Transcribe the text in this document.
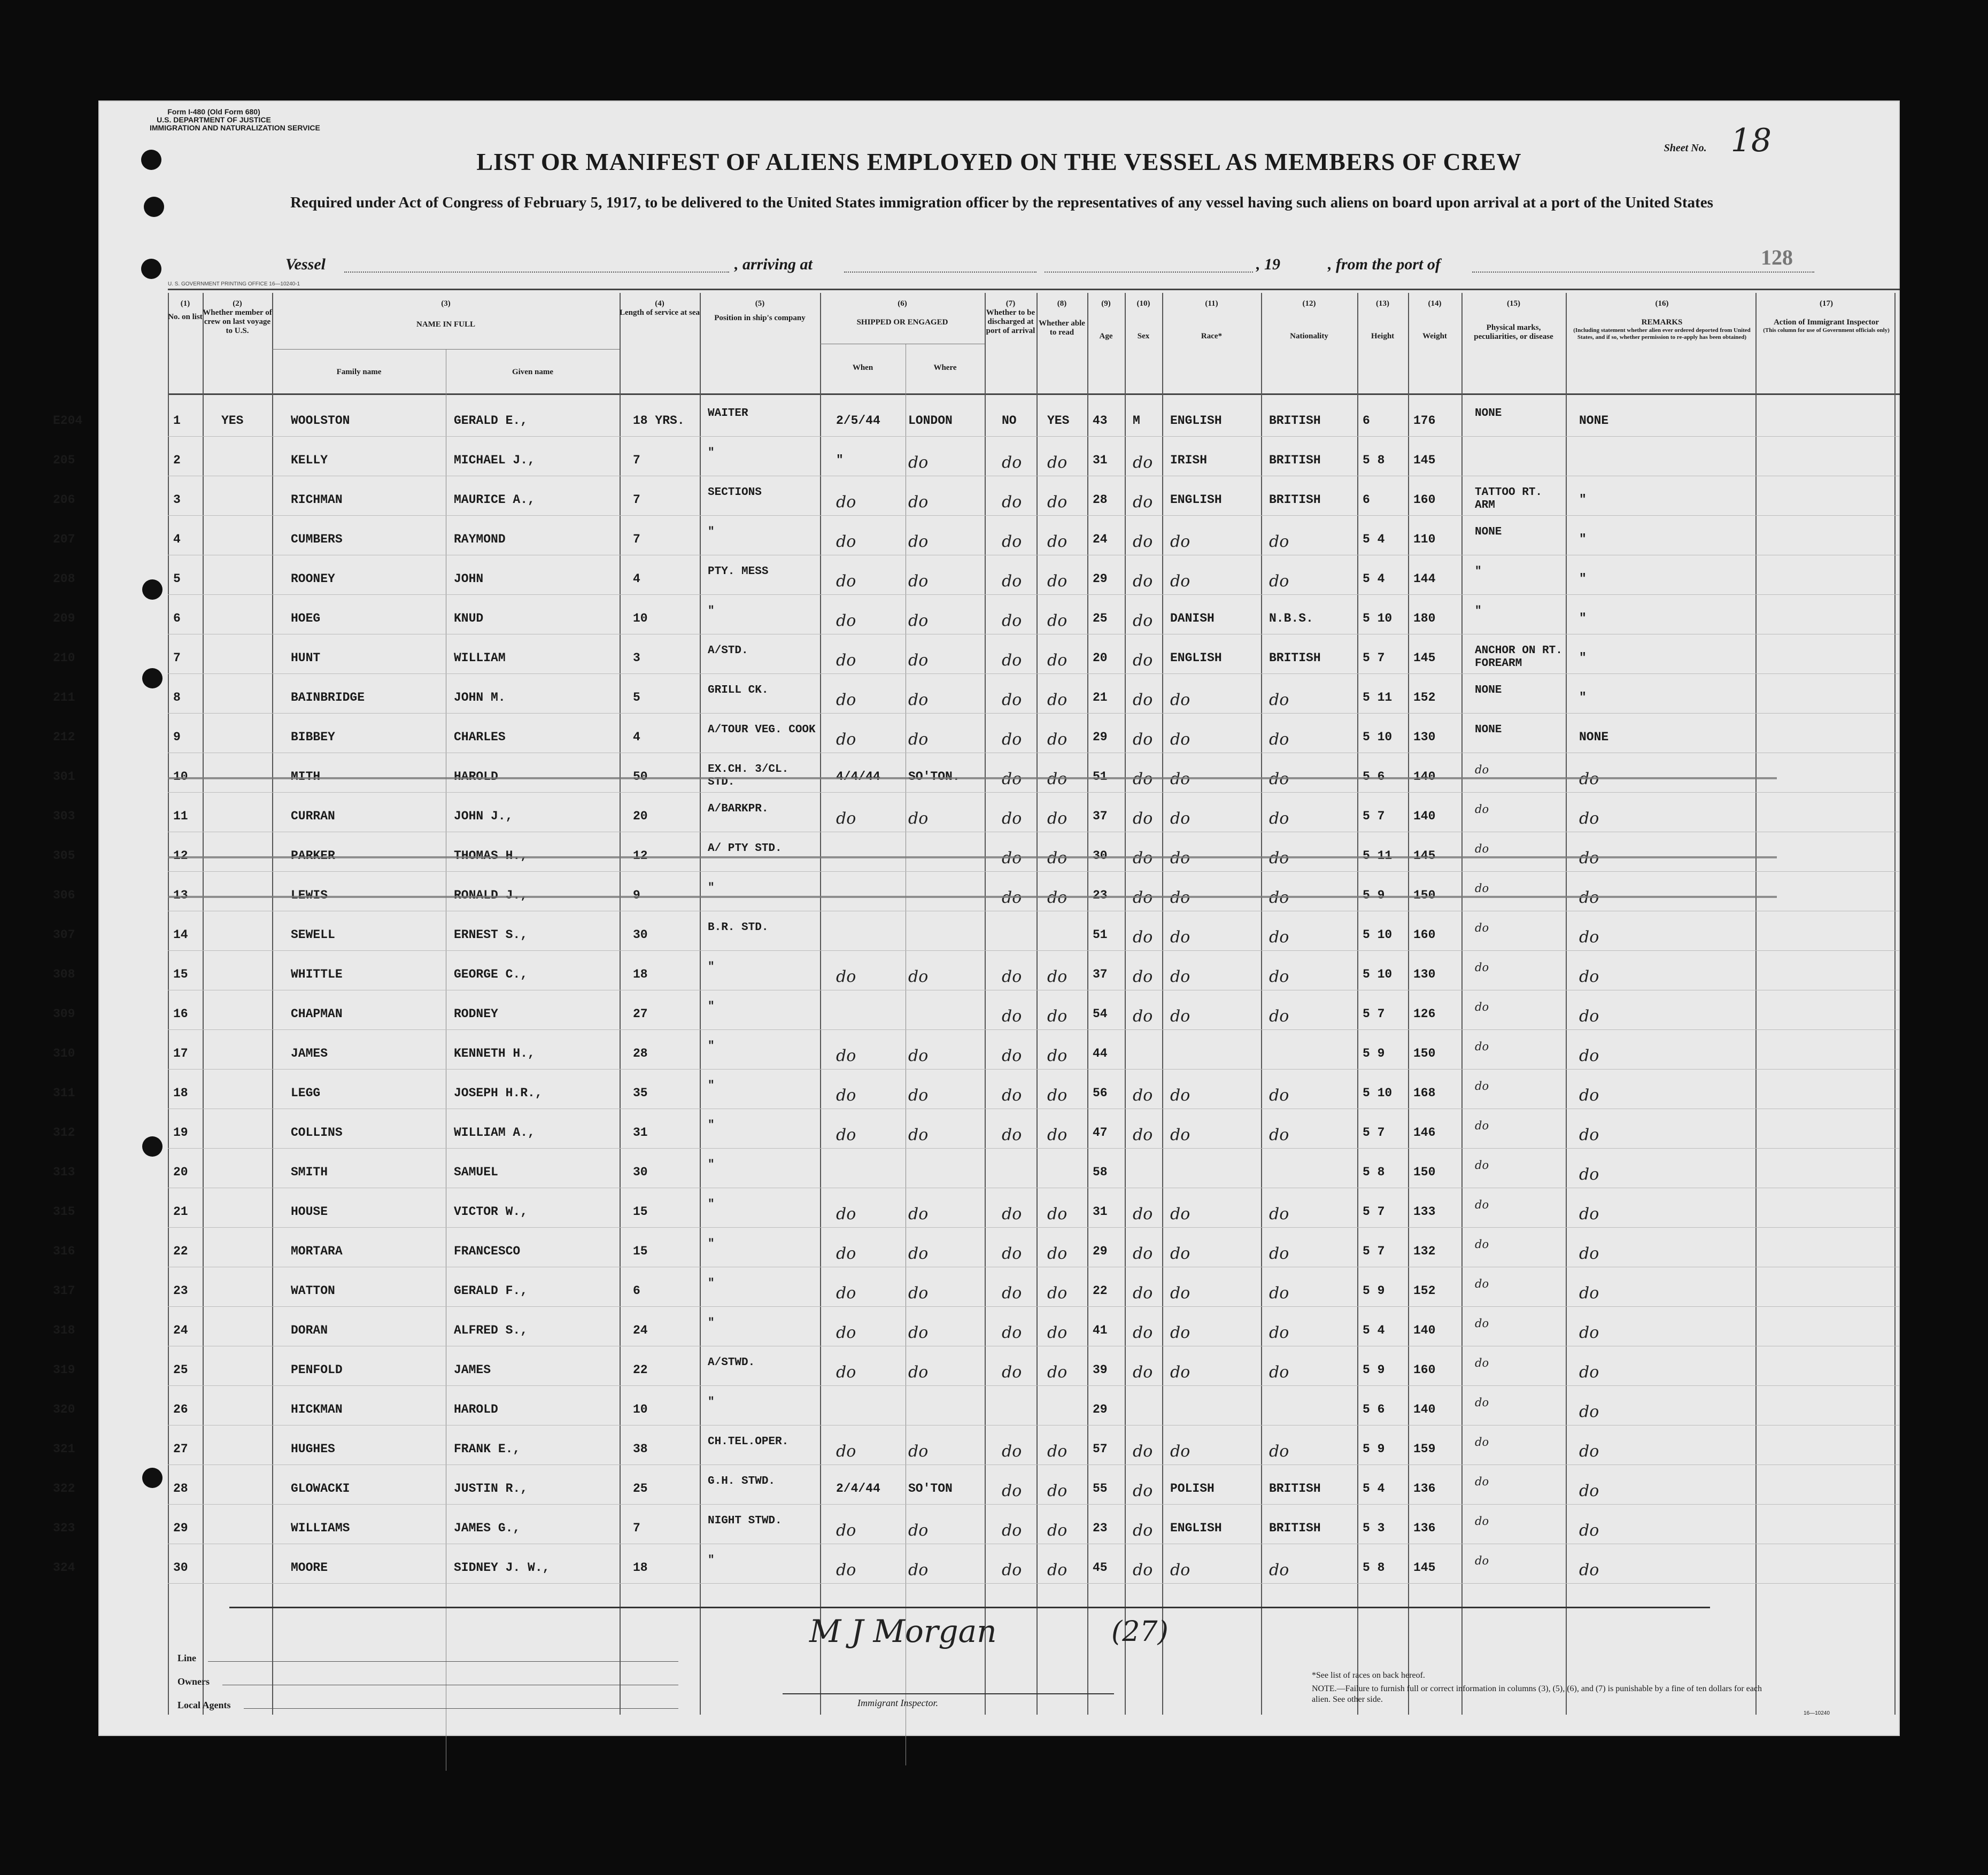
Form I-480 (Old Form 680)
U.S. DEPARTMENT OF JUSTICE
IMMIGRATION AND NATURALIZATION SERVICE
Sheet No. 18
LIST OR MANIFEST OF ALIENS EMPLOYED ON THE VESSEL AS MEMBERS OF CREW
Required under Act of Congress of February 5, 1917, to be delivered to the United States immigration officer by the representatives of any vessel having such aliens on board upon arrival at a port of the United States
Vessel	, arriving at	, 19	, from the port of	128
U. S. GOVERNMENT PRINTING OFFICE 16—10240-1
(1)
No. on list
(2)
Whether member of crew on last voyage to U.S.
(3)
NAME IN FULL
Family name	Given name
(4)
Length of service at sea
(5)
Position in ship's company
(6)
SHIPPED OR ENGAGED
When	Where
(7)
Whether to be discharged at port of arrival
(8)
Whether able to read
(9)
Age
(10)
Sex
(11)
Race*
(12)
Nationality
(13)
Height
(14)
Weight
(15)
Physical marks, peculiarities, or disease
(16)
REMARKS
(Including statement whether alien ever ordered deported from United States, and if so, whether permission to re-apply has been obtained)
(17)
Action of Immigrant Inspector
(This column for use of Government officials only)
E204	1	YES	WOOLSTON	GERALD E.,	18 YRS.
WAITER
2/5/44 LONDON	NO YES 43 M ENGLISH	BRITISH	6	176
NONE
NONE
205	2	KELLY	MICHAEL J.,	7
"
"	do	do do 31 do IRISH	BRITISH	5 8 145
206	3	RICHMAN	MAURICE A.,	7
SECTIONS
do	do	do do 28 do ENGLISH	BRITISH	6	160
TATTOO RT. ARM	"
207	4	CUMBERS	RAYMOND	7
"
do	do	do do 24 do do	do	5 4 110
NONE
"
208	5	ROONEY	JOHN	4
PTY. MESS
do	do	do do 29 do do	do	5 4 144
"
"
209	6	HOEG	KNUD	10
"
do	do	do do 25 do DANISH	N.B.S.	5 10 180
"
"
210	7	HUNT	WILLIAM	3
A/STD.
do	do	do do 20 do ENGLISH	BRITISH	5 7 145
ANCHOR ON RT. FOREARM	"
211	8	BAINBRIDGE	JOHN M.	5
GRILL CK.
do	do	do do 21 do do	do	5 11 152
NONE
"
212	9	BIBBEY	CHARLES	4
A/TOUR VEG. COOK
do	do	do do 29 do do	do	5 10 130
NONE
NONE
301	10	MITH	HAROLD	50
EX.CH. 3/CL. STD.	4/4/44 SO'TON.	do do 51 do do	do	5 6 140	do	do
303	11	CURRAN	JOHN J.,	20
A/BARKPR.
do	do	do do 37 do do	do	5 7 140	do	do
305	12	PARKER	THOMAS H.,	12
A/ PTY STD.
do do 30 do do	do	5 11 145	do	do
306	13	LEWIS	RONALD J.,	9
"
do do 23 do do	do	5 9 150	do	do
307	14	SEWELL	ERNEST S.,	30
B.R. STD.
51 do do	do	5 10 160	do	do
308	15	WHITTLE	GEORGE C.,	18
"
do	do	do do 37 do do	do	5 10 130	do	do
309	16	CHAPMAN	RODNEY	27
"
do do 54 do do	do	5 7 126	do	do
310	17	JAMES	KENNETH H.,	28
"
do	do	do do 44	5 9 150	do	do
311	18	LEGG	JOSEPH H.R.,	35
"
do	do	do do 56 do do	do	5 10 168	do	do
312	19	COLLINS	WILLIAM A.,	31
"
do	do	do do 47 do do	do	5 7 146	do	do
313	20	SMITH	SAMUEL	30
"
58	5 8 150	do	do
315	21	HOUSE	VICTOR W.,	15
"
do	do	do do 31 do do	do	5 7 133	do	do
316	22	MORTARA	FRANCESCO	15
"
do	do	do do 29 do do	do	5 7 132	do	do
317	23	WATTON	GERALD F.,	6
"
do	do	do do 22 do do	do	5 9 152	do	do
318	24	DORAN	ALFRED S.,	24
"
do	do	do do 41 do do	do	5 4 140	do	do
319	25	PENFOLD	JAMES	22
A/STWD.
do	do	do do 39 do do	do	5 9 160	do	do
320	26	HICKMAN	HAROLD	10
"
29	5 6 140	do	do
321	27	HUGHES	FRANK E.,	38
CH.TEL.OPER.
do	do	do do 57 do do	do	5 9 159	do	do
322	28	GLOWACKI	JUSTIN R.,	25
G.H. STWD.
2/4/44 SO'TON	do do 55 do POLISH	BRITISH	5 4 136	do	do
323	29	WILLIAMS	JAMES G.,	7
NIGHT STWD.
do	do	do do 23 do ENGLISH	BRITISH	5 3 136	do	do
324	30	MOORE	SIDNEY J. W.,	18
"
do	do	do do 45 do do	do	5 8 145	do	do
M J Morgan	(27)
Line
Owners
Local Agents	Immigrant Inspector.
*See list of races on back hereof.
NOTE.—Failure to furnish full or correct information in columns (3), (5), (6), and (7) is punishable by a fine of ten dollars for each alien. See other side.
16—10240
